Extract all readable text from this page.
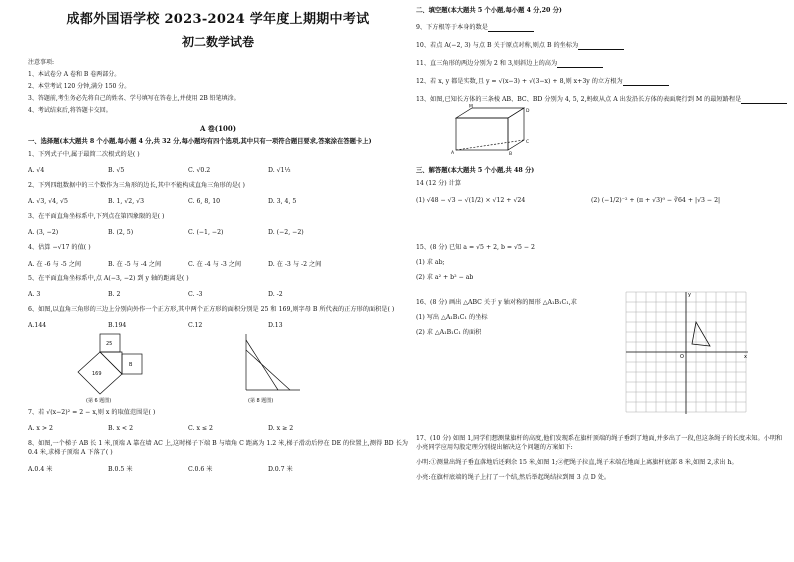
成都外国语学校 2023-2024 学年度上期期中考试
初二数学试卷
注意事项:
1、本试卷分 A 卷和 B 卷两部分。
2、本堂考试 120 分钟,满分 150 分。
3、答题前,考生务必先将自己的姓名、学号填写在答卷上,并使用 2B 铅笔填涂。
4、考试结束后,将答题卡交回。
A 卷(100)
一、选择题(本大题共 8 个小题,每小题 4 分,共 32 分,每小题均有四个选项,其中只有一项符合题目要求,答案涂在答题卡上)
1、下列式子中,属于最简二次根式的是( )
A. √4	B. √5	C. √0.2	D. √1⅓
2、下列四组数据中的三个数作为三角形的边长,其中不能构成直角三角形的是( )
A. √3, √4, √5	B. 1, √2, √3	C. 6, 8, 10	D. 3, 4, 5
3、在平面直角坐标系中,下列点在第四象限的是( )
A. (3, −2)	B. (2, 5)	C. (−1, −2)	D. (−2, −2)
4、估算 −√17 的值( )
A. 在 -6 与 -5 之间	B. 在 -5 与 -4 之间	C. 在 -4 与 -3 之间	D. 在 -3 与 -2 之间
5、在平面直角坐标系中,点 A(−3, −2) 到 y 轴的距离是( )
A. 3	B. 2	C. -3	D. -2
6、如图,以直角三角形的三边上分别向外作一个正方形,其中两个正方形的面积分别是 25 和 169,则字母 B 所代表的正方形的面积是( )
A.144	B.194	C.12	D.13
25
169
B
(第 6 题图)	(第 8 题图)
7、若 √(x−2)² = 2 − x,则 x 的取值范围是( )
A. x > 2	B. x < 2	C. x ≤ 2	D. x ≥ 2
8、如图,一个梯子 AB 长 1 米,顶端 A 靠在墙 AC 上,这时梯子下端 B 与墙角 C 距离为 1.2 米,梯子滑动后停在 DE 的位置上,测得 BD 长为 0.4 米,求梯子顶端 A 下落了( )
A.0.4 米	B.0.5 米	C.0.6 米	D.0.7 米
二、填空题(本大题共 5 个小题,每小题 4 分,20 分)
9、下方根等于本身的数是
10、若点 A(−2, 3) 与点 B 关于原点对称,则点 B 的坐标为
11、直三角形的两边分别为 2 和 3,则斜边上的高为
12、若 x, y 都是实数,且 y = √(x−3) + √(3−x) + 8,则 x+3y 的立方根为
13、如图,已知长方体的三条棱 AB、BC、BD 分别为 4, 5, 2,蚂蚁从点 A 出发沿长方体的表面爬行到 M 的最短路程是
A	B
C
D
M
三、解答题(本大题共 5 个小题,共 48 分)
14 (12 分) 计算
(1) √48 − √3 − √(1/2) × √12 + √24	(2) (−1/2)⁻² + (π + √3)⁰ − ∛64 + |√3 − 2|
15、(8 分) 已知 a = √5 + 2, b = √5 − 2
(1) 求 ab;
(2) 求 a² + b² − ab
16、(8 分) 画出 △ABC 关于 y 轴对称的图形 △A₁B₁C₁,求
(1) 写出 △A₁B₁C₁ 的坐标
(2) 求 △A₁B₁C₁ 的面积
x
y
O
17、(10 分) 如图 1,同学们想测量旗杆的高度,他们发现系在旗杆顶端的绳子垂到了地面,并多出了一段,但这条绳子的长度未知。小明和小亮同学应用勾股定理分别提出解决这个问题的方案如下:
小明:①测量出绳子垂直落地后还剩余 15 米,如图 1;②把绳子拉直,绳子末端在地面上离旗杆底部 8 米,如图 2,求出 h。
小亮:在旗杆底端的绳子上打了一个结,然后举起绳结拉到图 3 点 D 处。
